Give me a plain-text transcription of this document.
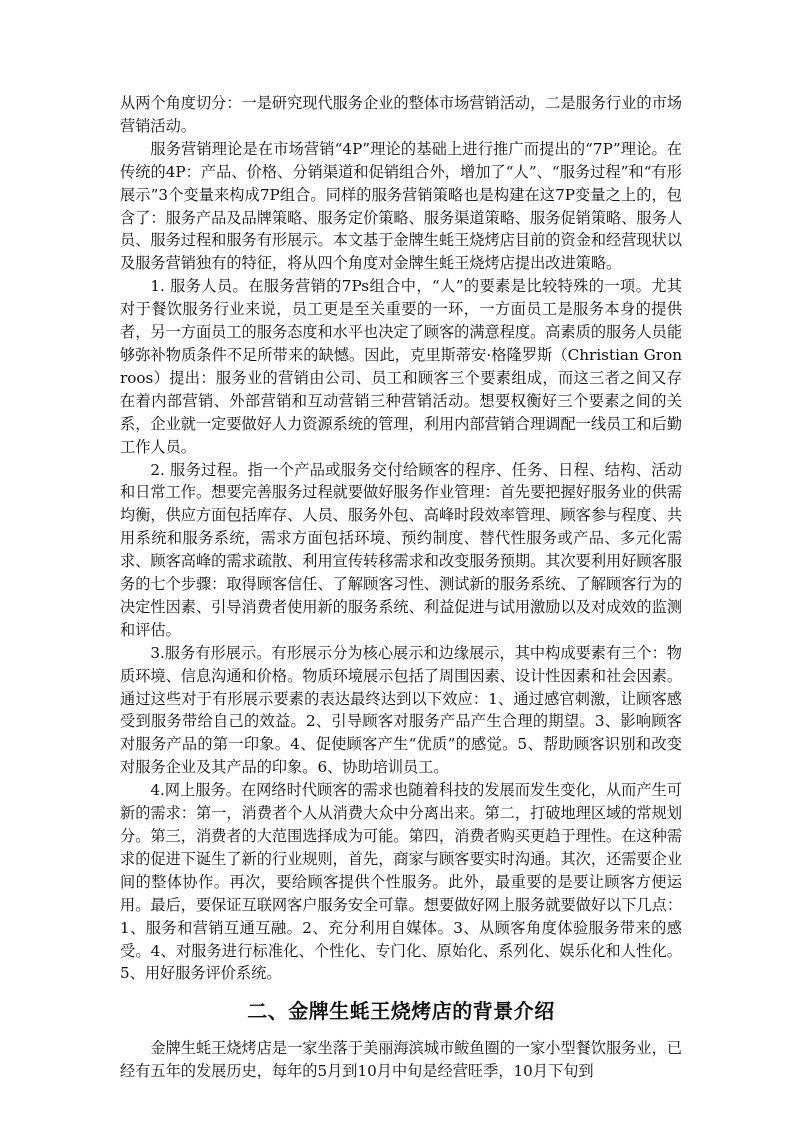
从两个角度切分：一是研究现代服务企业的整体市场营销活动，二是服务行业的市场营销活动。

服务营销理论是在市场营销“4P”理论的基础上进行推广而提出的“7P”理论。在传统的4P：产品、价格、分销渠道和促销组合外，增加了“人”、“服务过程”和“有形展示”3个变量来构成7P组合。同样的服务营销策略也是构建在这7P变量之上的，包含了：服务产品及品牌策略、服务定价策略、服务渠道策略、服务促销策略、服务人员、服务过程和服务有形展示。本文基于金牌生蚝王烧烤店目前的资金和经营现状以及服务营销独有的特征，将从四个角度对金牌生蚝王烧烤店提出改进策略。

1. 服务人员。在服务营销的7Ps组合中，“人”的要素是比较特殊的一项。尤其对于餐饮服务行业来说，员工更是至关重要的一环，一方面员工是服务本身的提供者，另一方面员工的服务态度和水平也决定了顾客的满意程度。高素质的服务人员能够弥补物质条件不足所带来的缺憾。因此，克里斯蒂安·格隆罗斯（Christian Gronroos）提出：服务业的营销由公司、员工和顾客三个要素组成，而这三者之间又存在着内部营销、外部营销和互动营销三种营销活动。想要权衡好三个要素之间的关系，企业就一定要做好人力资源系统的管理，利用内部营销合理调配一线员工和后勤工作人员。

2. 服务过程。指一个产品或服务交付给顾客的程序、任务、日程、结构、活动和日常工作。想要完善服务过程就要做好服务作业管理：首先要把握好服务业的供需均衡，供应方面包括库存、人员、服务外包、高峰时段效率管理、顾客参与程度、共用系统和服务系统，需求方面包括环境、预约制度、替代性服务或产品、多元化需求、顾客高峰的需求疏散、利用宣传转移需求和改变服务预期。其次要利用好顾客服务的七个步骤：取得顾客信任、了解顾客习性、测试新的服务系统、了解顾客行为的决定性因素、引导消费者使用新的服务系统、利益促进与试用激励以及对成效的监测和评估。

3.服务有形展示。有形展示分为核心展示和边缘展示，其中构成要素有三个：物质环境、信息沟通和价格。物质环境展示包括了周围因素、设计性因素和社会因素。通过这些对于有形展示要素的表达最终达到以下效应：1、通过感官刺激，让顾客感受到服务带给自己的效益。2、引导顾客对服务产品产生合理的期望。3、影响顾客对服务产品的第一印象。4、促使顾客产生“优质”的感觉。5、帮助顾客识别和改变对服务企业及其产品的印象。6、协助培训员工。

4.网上服务。在网络时代顾客的需求也随着科技的发展而发生变化，从而产生可新的需求：第一，消费者个人从消费大众中分离出来。第二，打破地理区域的常规划分。第三，消费者的大范围选择成为可能。第四，消费者购买更趋于理性。在这种需求的促进下诞生了新的行业规则，首先，商家与顾客要实时沟通。其次，还需要企业间的整体协作。再次，要给顾客提供个性服务。此外，最重要的是要让顾客方便运用。最后，要保证互联网客户服务安全可靠。想要做好网上服务就要做好以下几点：1、服务和营销互通互融。2、充分利用自媒体。3、从顾客角度体验服务带来的感受。4、对服务进行标准化、个性化、专门化、原始化、系列化、娱乐化和人性化。5、用好服务评价系统。

二、金牌生蚝王烧烤店的背景介绍

金牌生蚝王烧烤店是一家坐落于美丽海滨城市鲅鱼圈的一家小型餐饮服务业，已经有五年的发展历史，每年的5月到10月中旬是经营旺季，10月下旬到
